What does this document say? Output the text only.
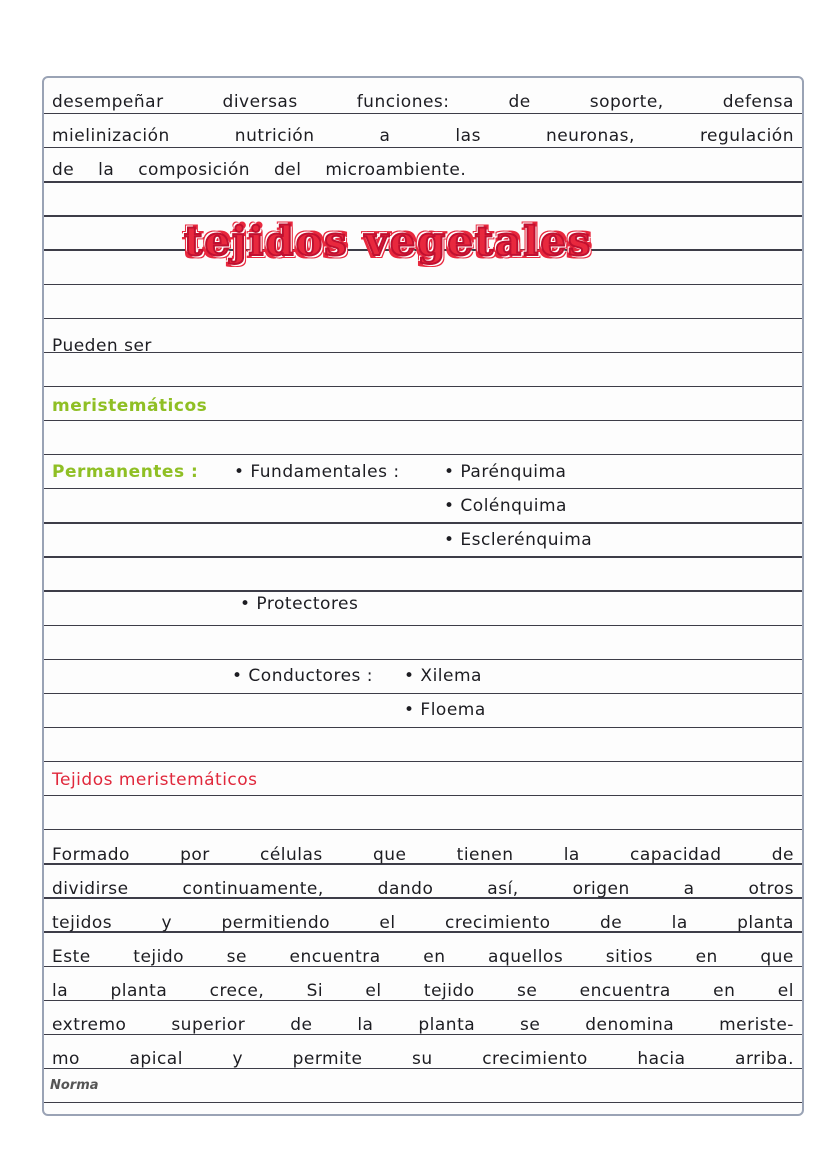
desempeñar	diversas	funciones:	de	soporte,	defensa
mielinización	nutrición	a	las	neuronas,	regulación
de la composición del microambiente.
tejidos vegetales
Pueden ser
meristemáticos
Permanentes : • Fundamentales :	• Parénquima
• Colénquima
• Esclerénquima
• Protectores
• Conductores : • Xilema
• Floema
Tejidos meristemáticos
Formado	por	células	que	tienen	la	capacidad	de
dividirse	continuamente,	dando	así,	origen	a	otros
tejidos	y	permitiendo	el	crecimiento	de	la	planta
Este	tejido	se	encuentra	en	aquellos	sitios	en	que
la planta crece, Si el tejido se encuentra en el
extremo	superior	de	la	planta	se	denomina	meriste-
mo	apical	y	permite	su	crecimiento	hacia	arriba.
Norma
